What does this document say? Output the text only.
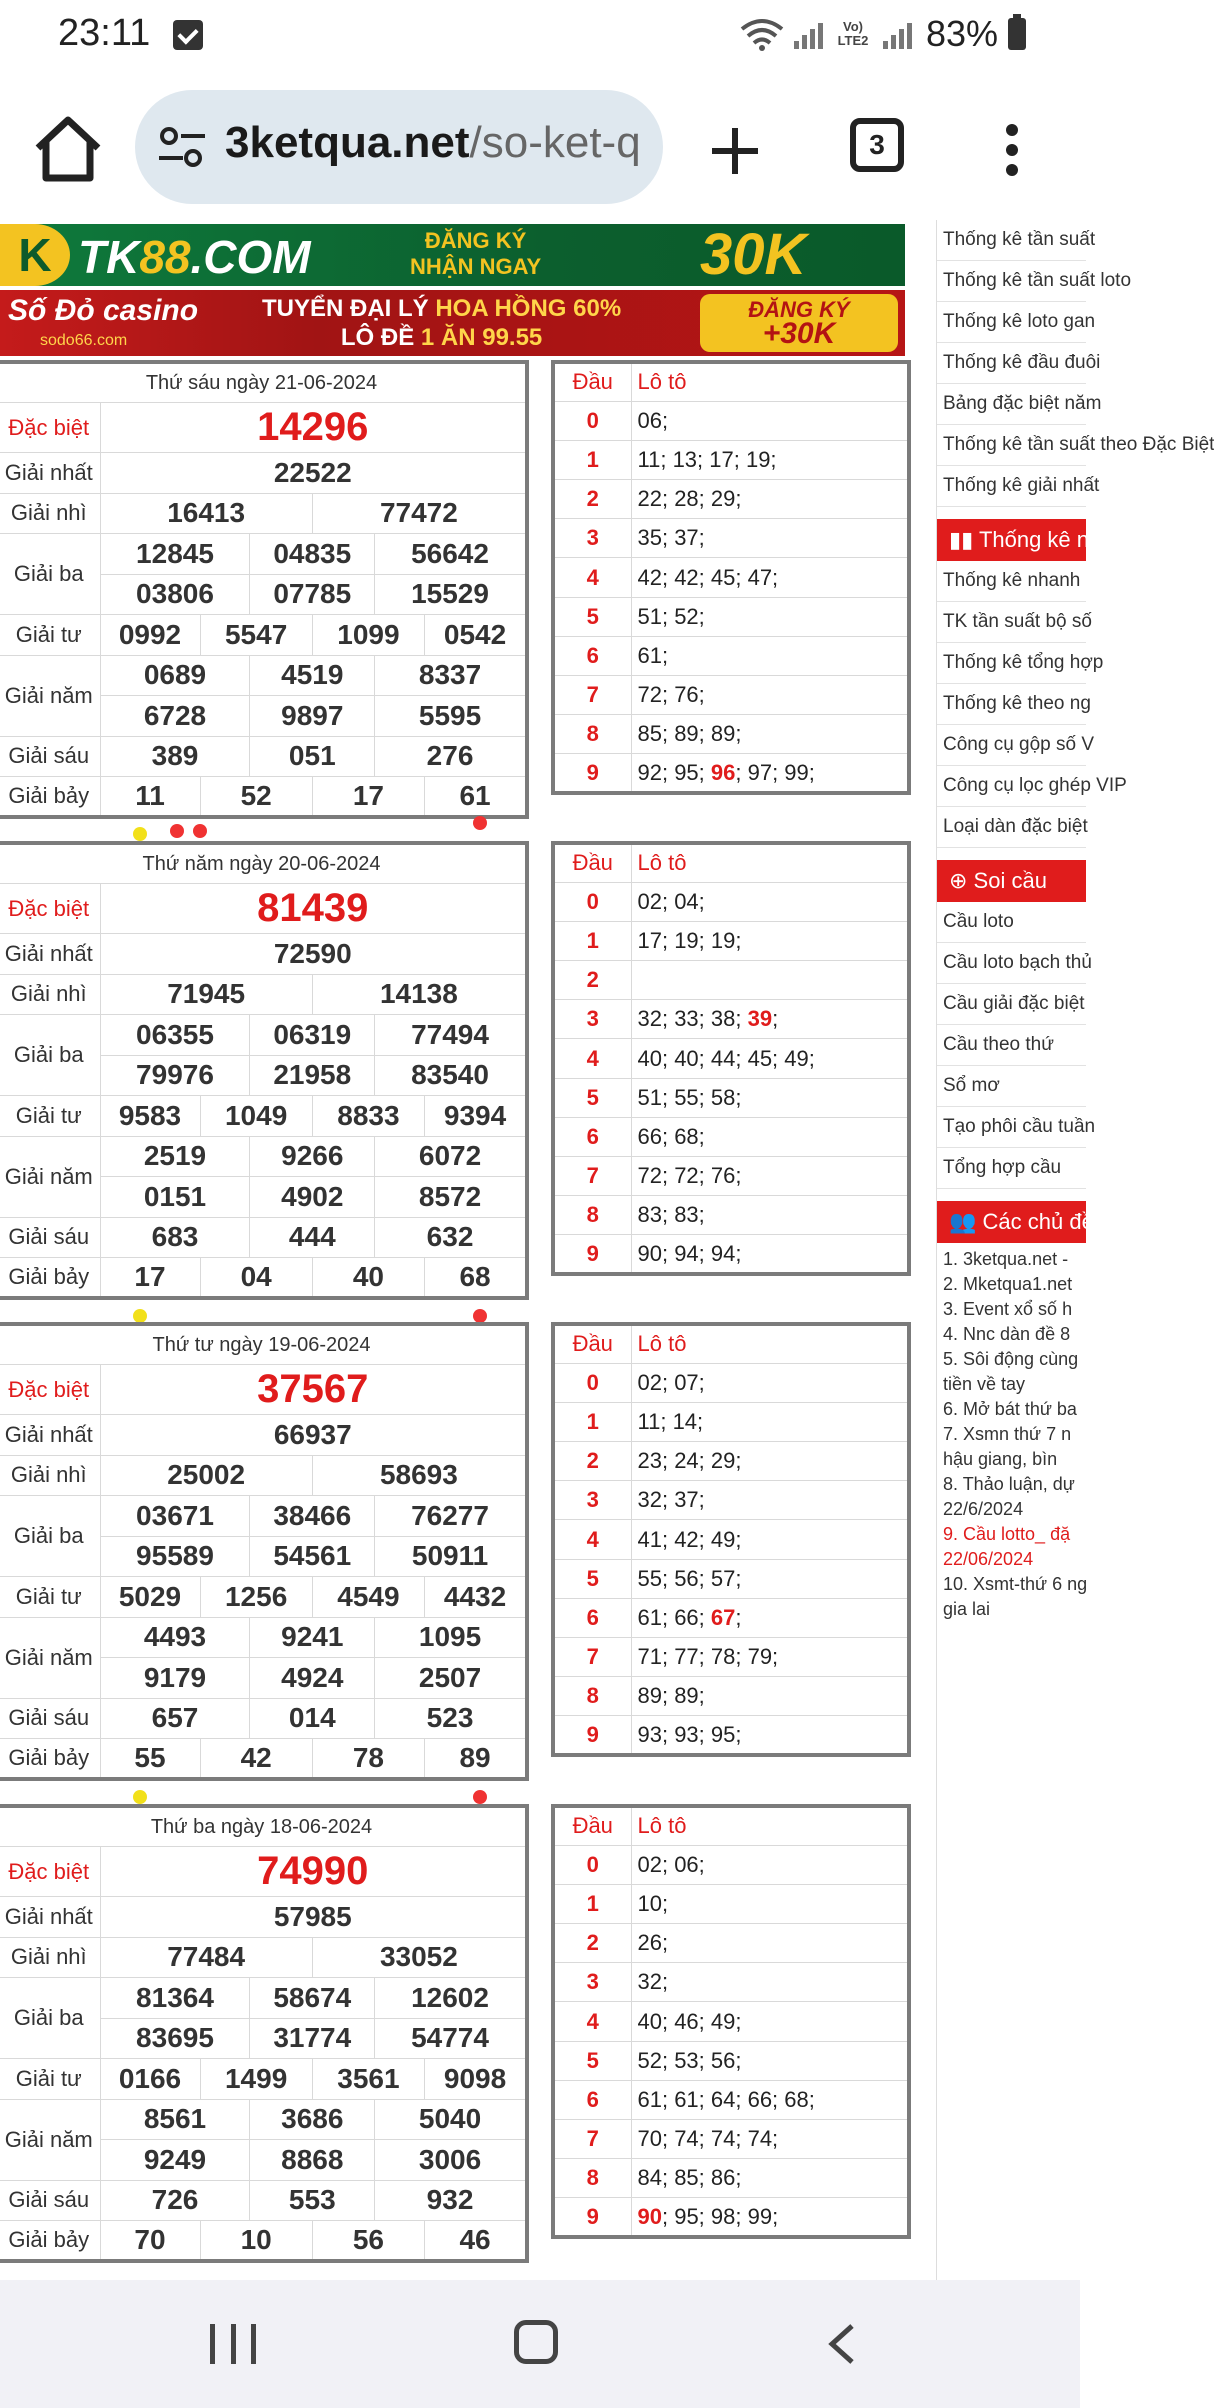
23:11	Vo) LTE2 83%
3ketqua.net/so-ket-q	3
K TK88.COM	ĐĂNG KÝ
NHẬN NGAY	30K
Số Đỏ casino
sodo66.com
TUYỂN ĐẠI LÝ HOA HỒNG 60%
LÔ ĐỀ 1 ĂN 99.55
ĐĂNG KÝ
+30K
Thứ sáu ngày 21-06-2024						
Đặc biệt	14296					
Giải nhất	22522					
Giải nhì	16413			77472		
Giải ba	12845		04835		56642	
	03806		07785		15529	
Giải tư	0992	5547		1099		0542
Giải năm	0689		4519		8337	
	6728		9897		5595	
Giải sáu	389		051		276	
Giải bảy	11	52		17		61
Đầu	Lô tô
0	06;
1	11; 13; 17; 19;
2	22; 28; 29;
3	35; 37;
4	42; 42; 45; 47;
5	51; 52;
6	61;
7	72; 76;
8	85; 89; 89;
9	92; 95; 96; 97; 99;
Thứ năm ngày 20-06-2024						
Đặc biệt	81439					
Giải nhất	72590					
Giải nhì	71945			14138		
Giải ba	06355		06319		77494	
	79976		21958		83540	
Giải tư	9583	1049		8833		9394
Giải năm	2519		9266		6072	
	0151		4902		8572	
Giải sáu	683		444		632	
Giải bảy	17	04		40		68
Đầu	Lô tô
0	02; 04;
1	17; 19; 19;
2	
3	32; 33; 38; 39;
4	40; 40; 44; 45; 49;
5	51; 55; 58;
6	66; 68;
7	72; 72; 76;
8	83; 83;
9	90; 94; 94;
Thứ tư ngày 19-06-2024						
Đặc biệt	37567					
Giải nhất	66937					
Giải nhì	25002			58693		
Giải ba	03671		38466		76277	
	95589		54561		50911	
Giải tư	5029	1256		4549		4432
Giải năm	4493		9241		1095	
	9179		4924		2507	
Giải sáu	657		014		523	
Giải bảy	55	42		78		89
Đầu	Lô tô
0	02; 07;
1	11; 14;
2	23; 24; 29;
3	32; 37;
4	41; 42; 49;
5	55; 56; 57;
6	61; 66; 67;
7	71; 77; 78; 79;
8	89; 89;
9	93; 93; 95;
Thứ ba ngày 18-06-2024						
Đặc biệt	74990					
Giải nhất	57985					
Giải nhì	77484			33052		
Giải ba	81364		58674		12602	
	83695		31774		54774	
Giải tư	0166	1499		3561		9098
Giải năm	8561		3686		5040	
	9249		8868		3006	
Giải sáu	726		553		932	
Giải bảy	70	10		56		46
Đầu	Lô tô
0	02; 06;
1	10;
2	26;
3	32;
4	40; 46; 49;
5	52; 53; 56;
6	61; 61; 64; 66; 68;
7	70; 74; 74; 74;
8	84; 85; 86;
9	90; 95; 98; 99;
Thống kê tần suất
Thống kê tần suất loto
Thống kê loto gan
Thống kê đầu đuôi
Bảng đặc biệt năm
Thống kê tần suất theo Đặc Biệt
Thống kê giải nhất
▮▮ Thống kê n
Thống kê nhanh
TK tần suất bộ số
Thống kê tổng hợp
Thống kê theo ng
Công cụ gộp số V
Công cụ lọc ghép VIP
Loại dàn đặc biệt
⊕ Soi cầu
Cầu loto
Cầu loto bạch thủ
Cầu giải đặc biệt
Cầu theo thứ
Sổ mơ
Tạo phôi cầu tuần
Tổng hợp cầu
👥 Các chủ đề
1. 3ketqua.net -
2. Mketqua1.net
3. Event xổ số h
4. Nnc dàn đề 8
5. Sôi động cùng
tiền về tay
6. Mở bát thứ ba
7. Xsmn thứ 7 n
hậu giang, bìn
8. Thảo luận, dự
22/6/2024
9. Cầu lotto_ đặ
22/06/2024
10. Xsmt-thứ 6 ng
gia lai
